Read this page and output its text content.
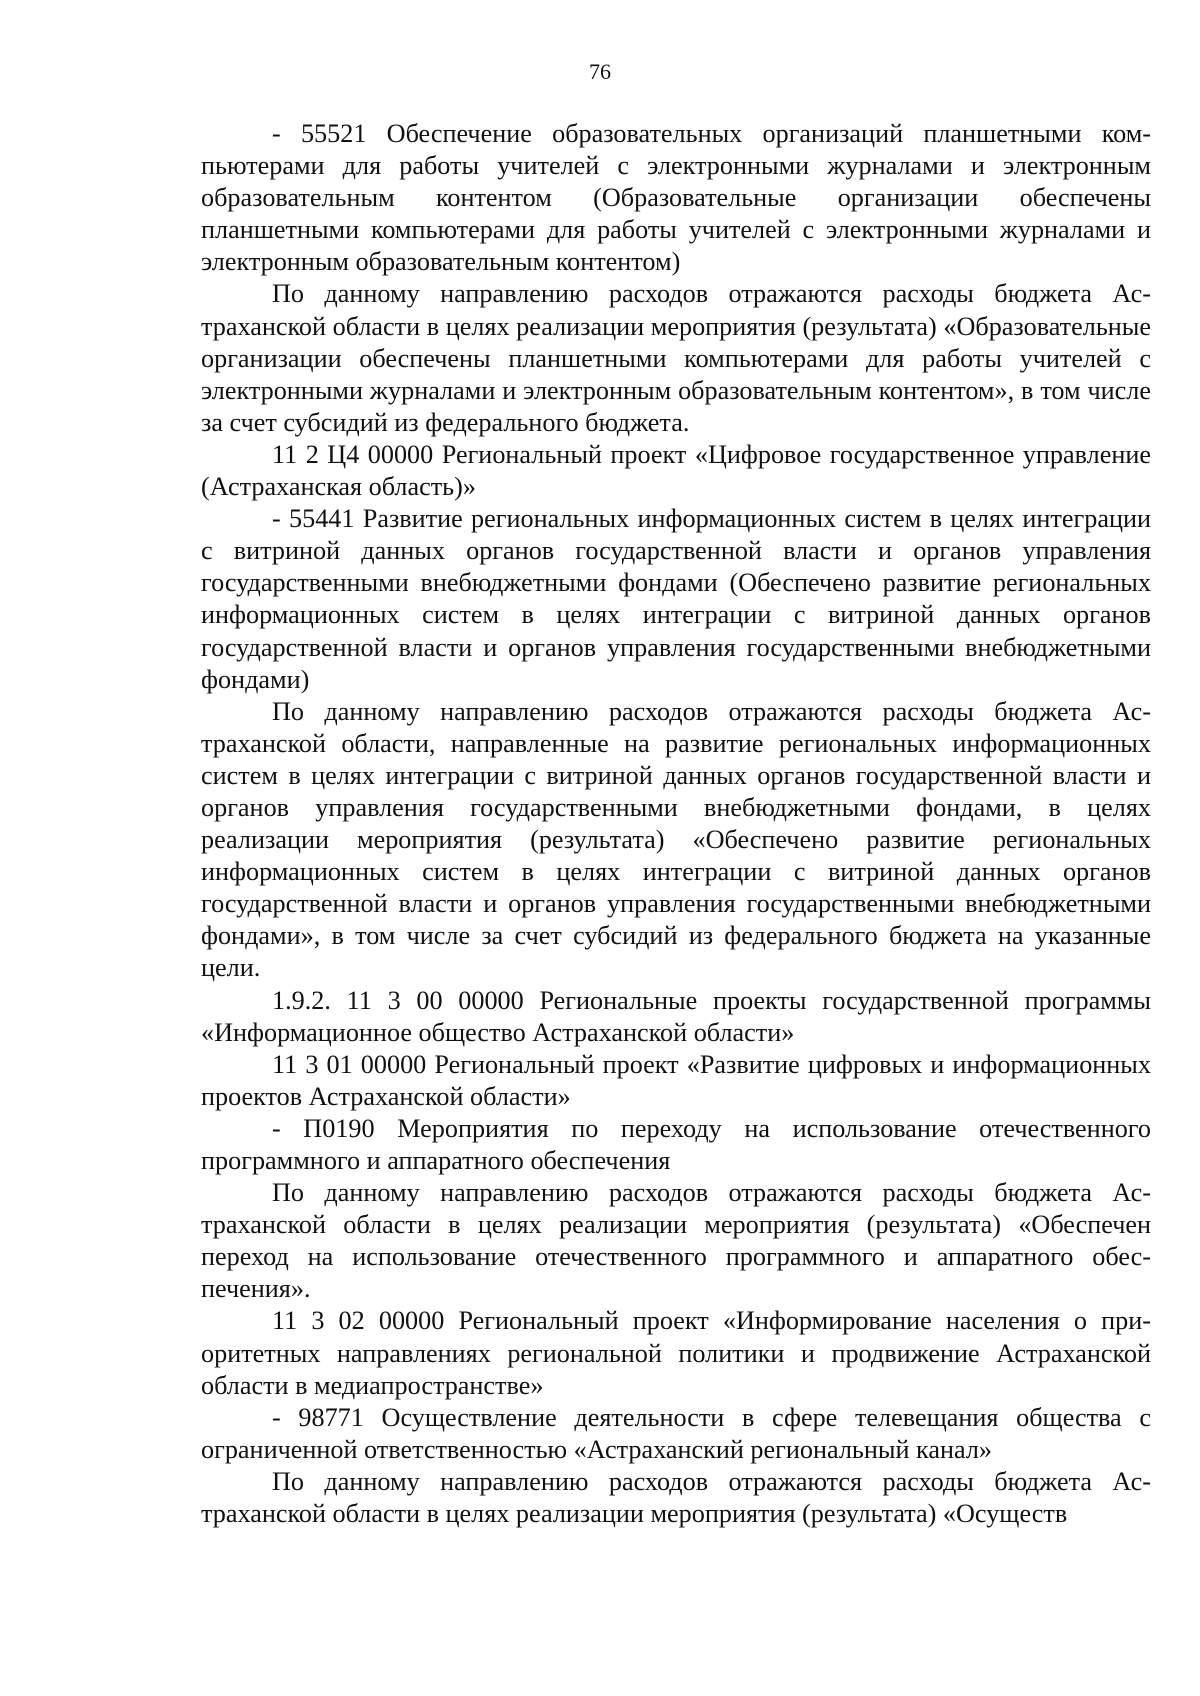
76

- 55521 Обеспечение образовательных организаций планшетными компьютерами для работы учителей с электронными журналами и электронным образовательным контентом (Образовательные организации обеспечены планшетными компьютерами для работы учителей с электронными журналами и электронным образовательным контентом)

По данному направлению расходов отражаются расходы бюджета Астраханской области в целях реализации мероприятия (результата) «Образовательные организации обеспечены планшетными компьютерами для работы учителей с электронными журналами и электронным образовательным контентом», в том числе за счет субсидий из федерального бюджета.

11 2 Ц4 00000 Региональный проект «Цифровое государственное управление (Астраханская область)»

- 55441 Развитие региональных информационных систем в целях интеграции с витриной данных органов государственной власти и органов управления государственными внебюджетными фондами (Обеспечено развитие региональных информационных систем в целях интеграции с витриной данных органов государственной власти и органов управления государственными внебюджетными фондами)

По данному направлению расходов отражаются расходы бюджета Астраханской области, направленные на развитие региональных информационных систем в целях интеграции с витриной данных органов государственной власти и органов управления государственными внебюджетными фондами, в целях реализации мероприятия (результата) «Обеспечено развитие региональных информационных систем в целях интеграции с витриной данных органов государственной власти и органов управления государственными внебюджетными фондами», в том числе за счет субсидий из федерального бюджета на указанные цели.

1.9.2. 11 3 00 00000 Региональные проекты государственной программы «Информационное общество Астраханской области»

11 3 01 00000 Региональный проект «Развитие цифровых и информационных проектов Астраханской области»

- П0190 Мероприятия по переходу на использование отечественного программного и аппаратного обеспечения

По данному направлению расходов отражаются расходы бюджета Астраханской области в целях реализации мероприятия (результата) «Обеспечен переход на использование отечественного программного и аппаратного обеспечения».

11 3 02 00000 Региональный проект «Информирование населения о приоритетных направлениях региональной политики и продвижение Астраханской области в медиапространстве»

- 98771 Осуществление деятельности в сфере телевещания общества с ограниченной ответственностью «Астраханский региональный канал»

По данному направлению расходов отражаются расходы бюджета Астраханской области в целях реализации мероприятия (результата) «Осуществ
